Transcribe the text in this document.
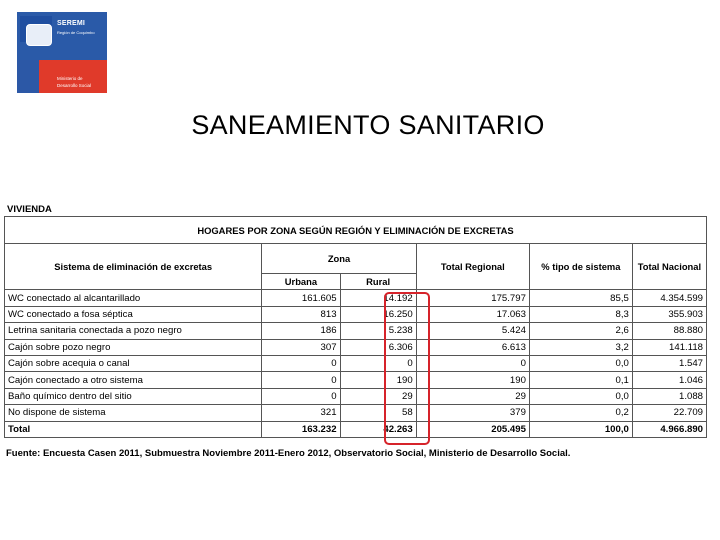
SEREMI
Región de Coquimbo
Ministerio de
Desarrollo Social
SANEAMIENTO SANITARIO
VIVIENDA
HOGARES POR ZONA SEGÚN REGIÓN Y ELIMINACIÓN DE EXCRETAS					
Sistema de eliminación de excretas	Zona		Total Regional	% tipo de sistema	Total Nacional
	Urbana	Rural			
WC conectado al alcantarillado	161.605	14.192	175.797	85,5	4.354.599
WC conectado a fosa séptica	813	16.250	17.063	8,3	355.903
Letrina sanitaria conectada a pozo negro	186	5.238	5.424	2,6	88.880
Cajón sobre pozo negro	307	6.306	6.613	3,2	141.118
Cajón sobre acequia o canal	0	0	0	0,0	1.547
Cajón conectado a otro sistema	0	190	190	0,1	1.046
Baño químico dentro del sitio	0	29	29	0,0	1.088
No dispone de sistema	321	58	379	0,2	22.709
Total	163.232	42.263	205.495	100,0	4.966.890
Fuente: Encuesta Casen 2011, Submuestra Noviembre 2011-Enero 2012, Observatorio Social, Ministerio de Desarrollo Social.
